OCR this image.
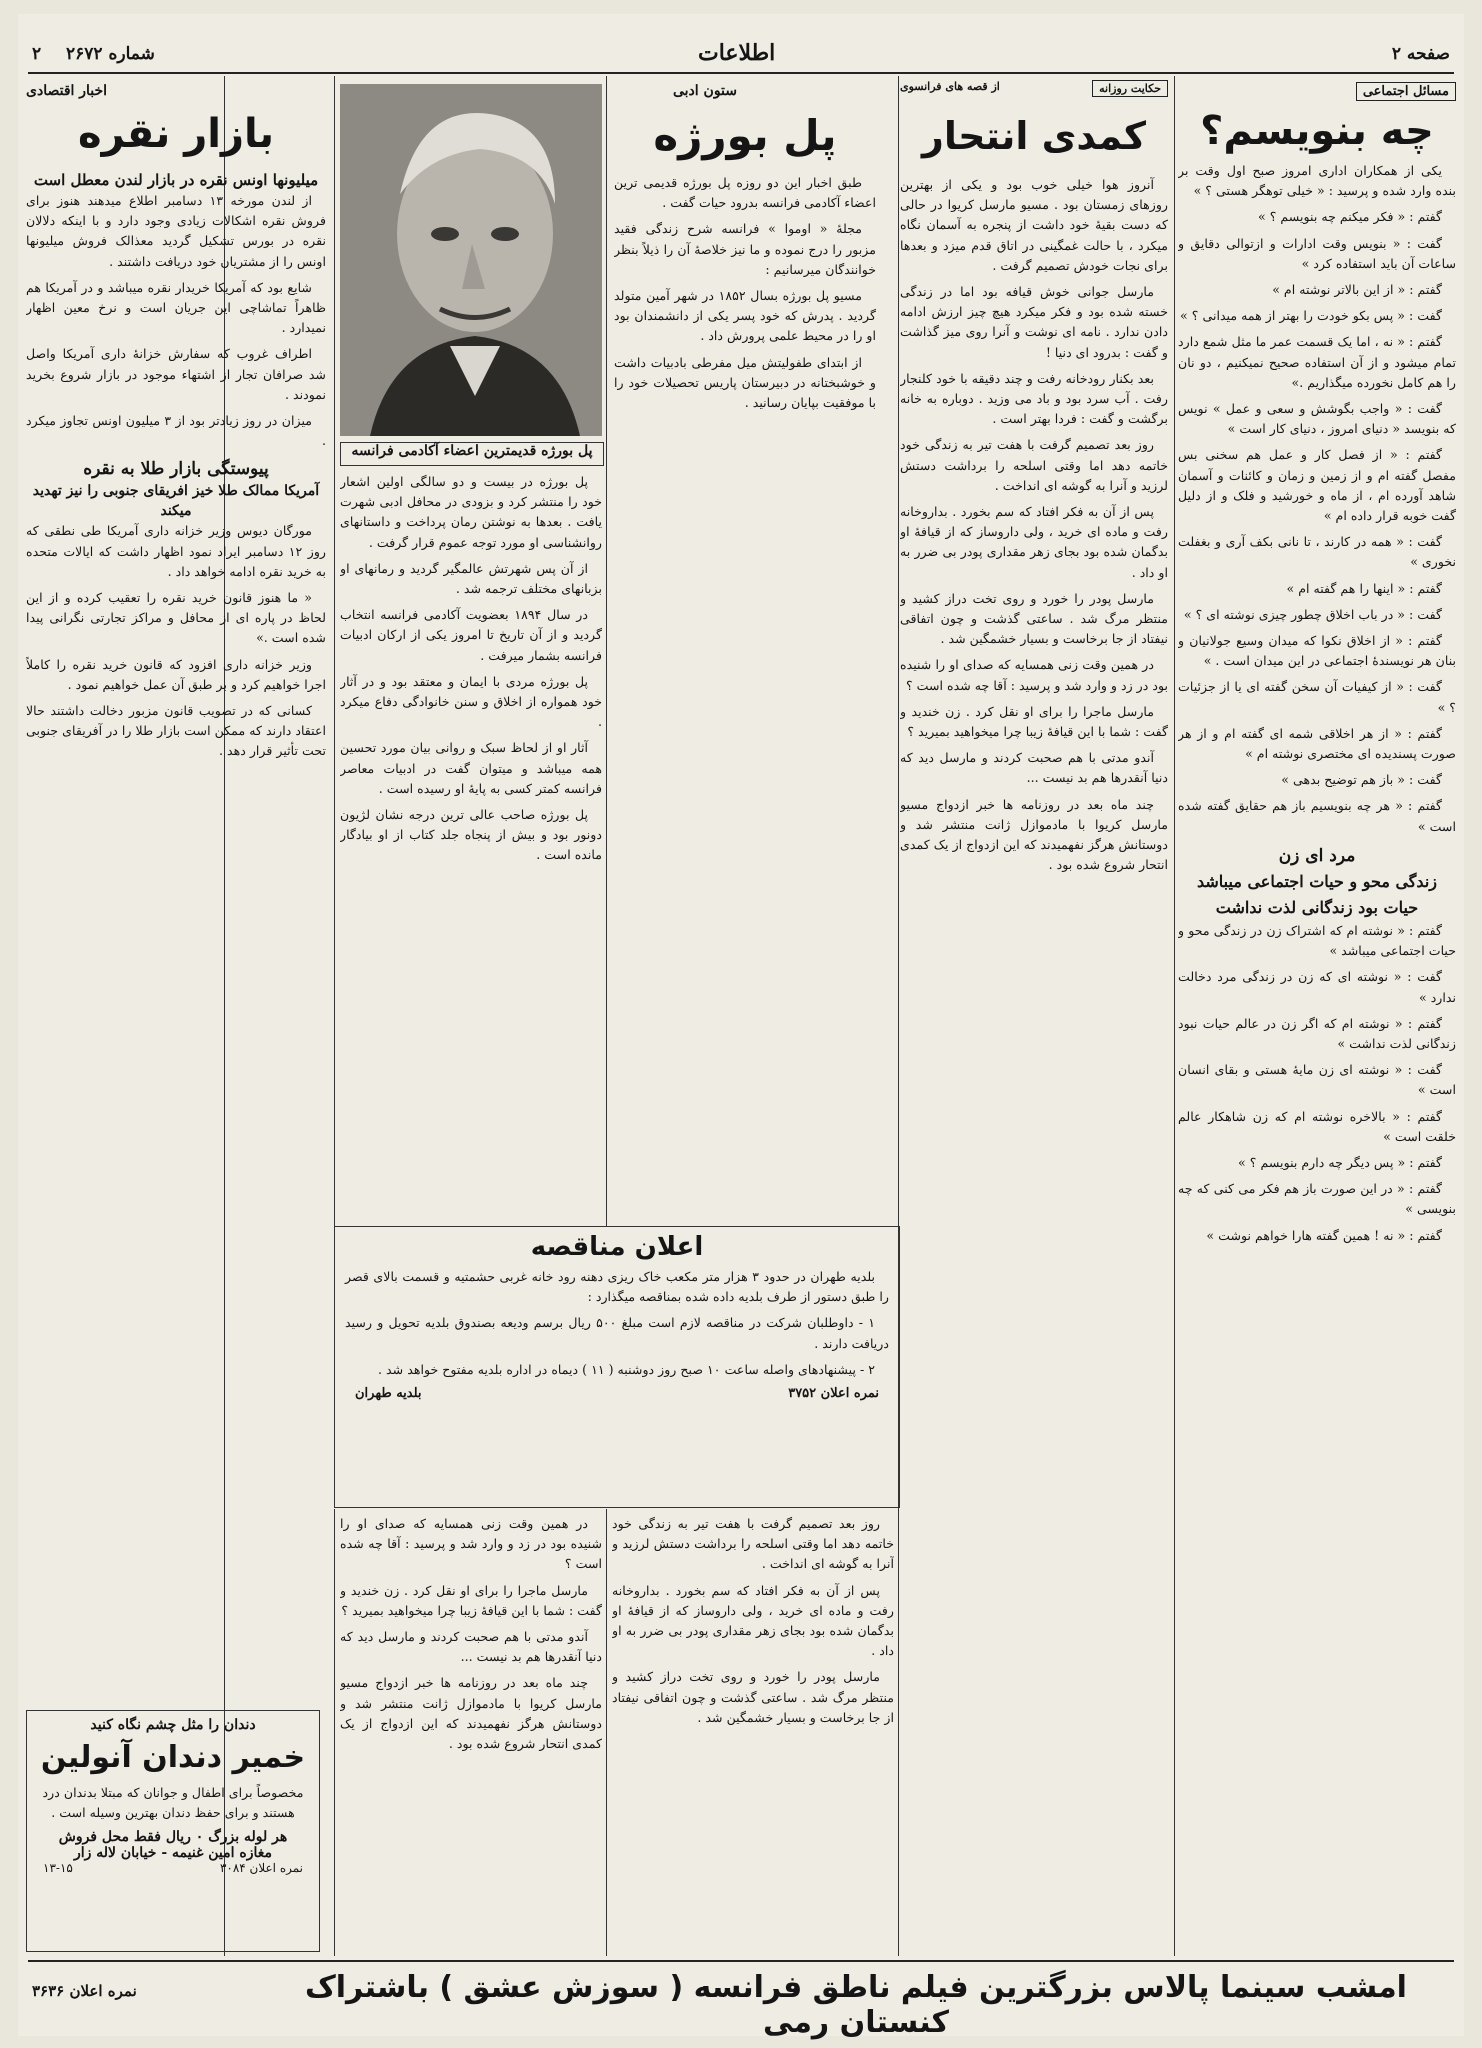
صفحه ۲
اطلاعات
شماره ۲۶۷۲
۲
مسائل اجتماعی
چه بنویسم؟

یکی از همکاران اداری امروز صبح اول وقت بر بنده وارد شده و پرسید : « خیلی توهگر هستی ؟ »

گفتم : « فکر میکنم چه بنویسم ؟ »

گفت : « بنویس وقت ادارات و ازتوالی دقایق و ساعات آن باید استفاده کرد »

گفتم : « از این بالاتر نوشته ام »

گفت : « پس بکو خودت را بهتر از همه میدانی ؟ »

گفتم : « نه ، اما یک قسمت عمر ما مثل شمع دارد تمام میشود و از آن استفاده صحیح نمیکنیم ، دو نان را هم کامل نخورده میگذاریم .»

گفت : « واجب بگوشش و سعی و عمل » نویس که بنویسد « دنیای امروز ، دنیای کار است »

گفتم : « از فصل کار و عمل هم سخنی بس مفصل گفته ام و از زمین و زمان و کائنات و آسمان شاهد آورده ام ، از ماه و خورشید و فلک و از دلیل گفت خوبه قرار داده ام »

گفت : « همه در کارند ، تا نانی بکف آری و بغفلت نخوری »

گفتم : « اینها را هم گفته ام »

گفت : « در باب اخلاق چطور چیزی نوشته ای ؟ »

گفتم : « از اخلاق نکوا که میدان وسیع جولانیان و بنان هر نویسندهٔ اجتماعی در این میدان است . »

گفت : « از کیفیات آن سخن گفته ای یا از جزئیات ؟ »

گفتم : « از هر اخلاقی شمه ای گفته ام و از هر صورت پسندیده ای مختصری نوشته ام »

گفت : « باز هم توضیح بدهی »

گفتم : « هر چه بنویسیم باز هم حقایق گفته شده است »

مرد ای زن
زندگی محو و حیات اجتماعی میباشد
حیات بود زندگانی لذت نداشت

گفتم : « نوشته ام که اشتراک زن در زندگی محو و حیات اجتماعی میباشد »

گفت : « نوشته ای که زن در زندگی مرد دخالت ندارد »

گفتم : « نوشته ام که اگر زن در عالم حیات نبود زندگانی لذت نداشت »

گفت : « نوشته ای زن مایهٔ هستی و بقای انسان است »

گفتم : « بالاخره نوشته ام که زن شاهکار عالم خلقت است »

گفتم : « پس دیگر چه دارم بنویسم ؟ »

گفتم : « در این صورت باز هم فکر می کنی که چه بنویسی »

گفتم : « نه ! همین گفته هارا خواهم نوشت »

حکایت روزانه
از قصه های فرانسوی
کمدی انتحار

آنروز هوا خیلی خوب بود و یکی از بهترین روزهای زمستان بود . مسیو مارسل کریوا در حالی که دست بقیهٔ خود داشت از پنجره به آسمان نگاه میکرد ، با حالت غمگینی در اتاق قدم میزد و بعدها برای نجات خودش تصمیم گرفت .

مارسل جوانی خوش قیافه بود اما در زندگی خسته شده بود و فکر میکرد هیچ چیز ارزش ادامه دادن ندارد . نامه ای نوشت و آنرا روی میز گذاشت و گفت : بدرود ای دنیا !

بعد بکنار رودخانه رفت و چند دقیقه با خود کلنجار رفت . آب سرد بود و باد می وزید . دوباره به خانه برگشت و گفت : فردا بهتر است .

روز بعد تصمیم گرفت با هفت تیر به زندگی خود خاتمه دهد اما وقتی اسلحه را برداشت دستش لرزید و آنرا به گوشه ای انداخت .

پس از آن به فکر افتاد که سم بخورد . بداروخانه رفت و ماده ای خرید ، ولی داروساز که از قیافهٔ او بدگمان شده بود بجای زهر مقداری پودر بی ضرر به او داد .

مارسل پودر را خورد و روی تخت دراز کشید و منتظر مرگ شد . ساعتی گذشت و چون اتفاقی نیفتاد از جا برخاست و بسیار خشمگین شد .

در همین وقت زنی همسایه که صدای او را شنیده بود در زد و وارد شد و پرسید : آقا چه شده است ؟

مارسل ماجرا را برای او نقل کرد . زن خندید و گفت : شما با این قیافهٔ زیبا چرا میخواهید بمیرید ؟

آندو مدتی با هم صحبت کردند و مارسل دید که دنیا آنقدرها هم بد نیست ...

چند ماه بعد در روزنامه ها خبر ازدواج مسیو مارسل کریوا با مادموازل ژانت منتشر شد و دوستانش هرگز نفهمیدند که این ازدواج از یک کمدی انتحار شروع شده بود .

ستون ادبی
پل بورژه

طبق اخبار این دو روزه پل بورژه قدیمی ترین اعضاء آکادمی فرانسه بدرود حیات گفت .

مجلهٔ « اوموا » فرانسه شرح زندگی فقید مزبور را درج نموده و ما نیز خلاصهٔ آن را ذیلاً بنظر خوانندگان میرسانیم :

مسیو پل بورژه بسال ۱۸۵۲ در شهر آمین متولد گردید . پدرش که خود پسر یکی از دانشمندان بود او را در محیط علمی پرورش داد .

از ابتدای طفولیتش میل مفرطی بادبیات داشت و خوشبختانه در دبیرستان پاریس تحصیلات خود را با موفقیت بپایان رسانید .

پل بورژه قدیمترین اعضاء آکادمی فرانسه

پل بورژه در بیست و دو سالگی اولین اشعار خود را منتشر کرد و بزودی در محافل ادبی شهرت یافت . بعدها به نوشتن رمان پرداخت و داستانهای روانشناسی او مورد توجه عموم قرار گرفت .

از آن پس شهرتش عالمگیر گردید و رمانهای او بزبانهای مختلف ترجمه شد .

در سال ۱۸۹۴ بعضویت آکادمی فرانسه انتخاب گردید و از آن تاریخ تا امروز یکی از ارکان ادبیات فرانسه بشمار میرفت .

پل بورژه مردی با ایمان و معتقد بود و در آثار خود همواره از اخلاق و سنن خانوادگی دفاع میکرد .

آثار او از لحاظ سبک و روانی بیان مورد تحسین همه میباشد و میتوان گفت در ادبیات معاصر فرانسه کمتر کسی به پایهٔ او رسیده است .

پل بورژه صاحب عالی ترین درجه نشان لژیون دونور بود و بیش از پنجاه جلد کتاب از او بیادگار مانده است .

اعلان مناقصه

بلدیه طهران در حدود ۳ هزار متر مکعب خاک ریزی دهنه رود خانه غربی حشمتیه و قسمت بالای قصر را طبق دستور از طرف بلدیه داده شده بمناقصه میگذارد :

۱ - داوطلبان شرکت در مناقصه لازم است مبلغ ۵۰۰ ریال برسم ودیعه بصندوق بلدیه تحویل و رسید دریافت دارند .

۲ - پیشنهادهای واصله ساعت ۱۰ صبح روز دوشنبه ( ۱۱ ) دیماه در اداره بلدیه مفتوح خواهد شد .

نمره اعلان ۳۷۵۲
بلدیه طهران

در همین وقت زنی همسایه که صدای او را شنیده بود در زد و وارد شد و پرسید : آقا چه شده است ؟

مارسل ماجرا را برای او نقل کرد . زن خندید و گفت : شما با این قیافهٔ زیبا چرا میخواهید بمیرید ؟

آندو مدتی با هم صحبت کردند و مارسل دید که دنیا آنقدرها هم بد نیست ...

چند ماه بعد در روزنامه ها خبر ازدواج مسیو مارسل کریوا با مادموازل ژانت منتشر شد و دوستانش هرگز نفهمیدند که این ازدواج از یک کمدی انتحار شروع شده بود .

روز بعد تصمیم گرفت با هفت تیر به زندگی خود خاتمه دهد اما وقتی اسلحه را برداشت دستش لرزید و آنرا به گوشه ای انداخت .

پس از آن به فکر افتاد که سم بخورد . بداروخانه رفت و ماده ای خرید ، ولی داروساز که از قیافهٔ او بدگمان شده بود بجای زهر مقداری پودر بی ضرر به او داد .

مارسل پودر را خورد و روی تخت دراز کشید و منتظر مرگ شد . ساعتی گذشت و چون اتفاقی نیفتاد از جا برخاست و بسیار خشمگین شد .

اخبار اقتصادی
بازار نقره
میلیونها اونس نقره در بازار لندن معطل است

از لندن مورخه ۱۳ دسامبر اطلاع میدهند هنوز برای فروش نقره اشکالات زیادی وجود دارد و با اینکه دلالان نقره در بورس تشکیل گردید معذالک فروش میلیونها اونس را از مشتریان خود دریافت داشتند .

شایع بود که آمریکا خریدار نقره میباشد و در آمریکا هم ظاهراً تماشاچی این جریان است و نرخ معین اظهار نمیدارد .

اطراف غروب که سفارش خزانهٔ داری آمریکا واصل شد صرافان تجار از اشتهاء موجود در بازار شروع بخرید نمودند .

میزان در روز زیادتر بود از ۳ میلیون اونس تجاوز میکرد .

پیوستگی بازار طلا به نقره
آمریکا ممالک طلا خیز افریقای جنوبی را نیز تهدید میکند

مورگان دیوس وزیر خزانه داری آمریکا طی نطقی که روز ۱۲ دسامبر ایراد نمود اظهار داشت که ایالات متحده به خرید نقره ادامه خواهد داد .

« ما هنوز قانون خرید نقره را تعقیب کرده و از این لحاظ در پاره ای از محافل و مراکز تجارتی نگرانی پیدا شده است .»

وزیر خزانه داری افزود که قانون خرید نقره را کاملاً اجرا خواهیم کرد و بر طبق آن عمل خواهیم نمود .

کسانی که در تصویب قانون مزبور دخالت داشتند حالا اعتقاد دارند که ممکن است بازار طلا را در آفریقای جنوبی تحت تأثیر قرار دهد .

دندان را مثل چشم نگاه کنید
خمیر دندان آنولین
مخصوصاً برای اطفال و جوانان که مبتلا بدندان درد هستند و برای حفظ دندان بهترین وسیله است .
هر لوله بزرگ ۰ ریال فقط محل فروش
مغازه امین غنیمه - خیابان لاله زار
نمره اعلان ۳۰۸۴
۱۳-۱۵
امشب سینما پالاس بزرگترین فیلم ناطق فرانسه ( سوزش عشق ) باشتراک کنستان رمی
نمره اعلان ۳۶۳۶
